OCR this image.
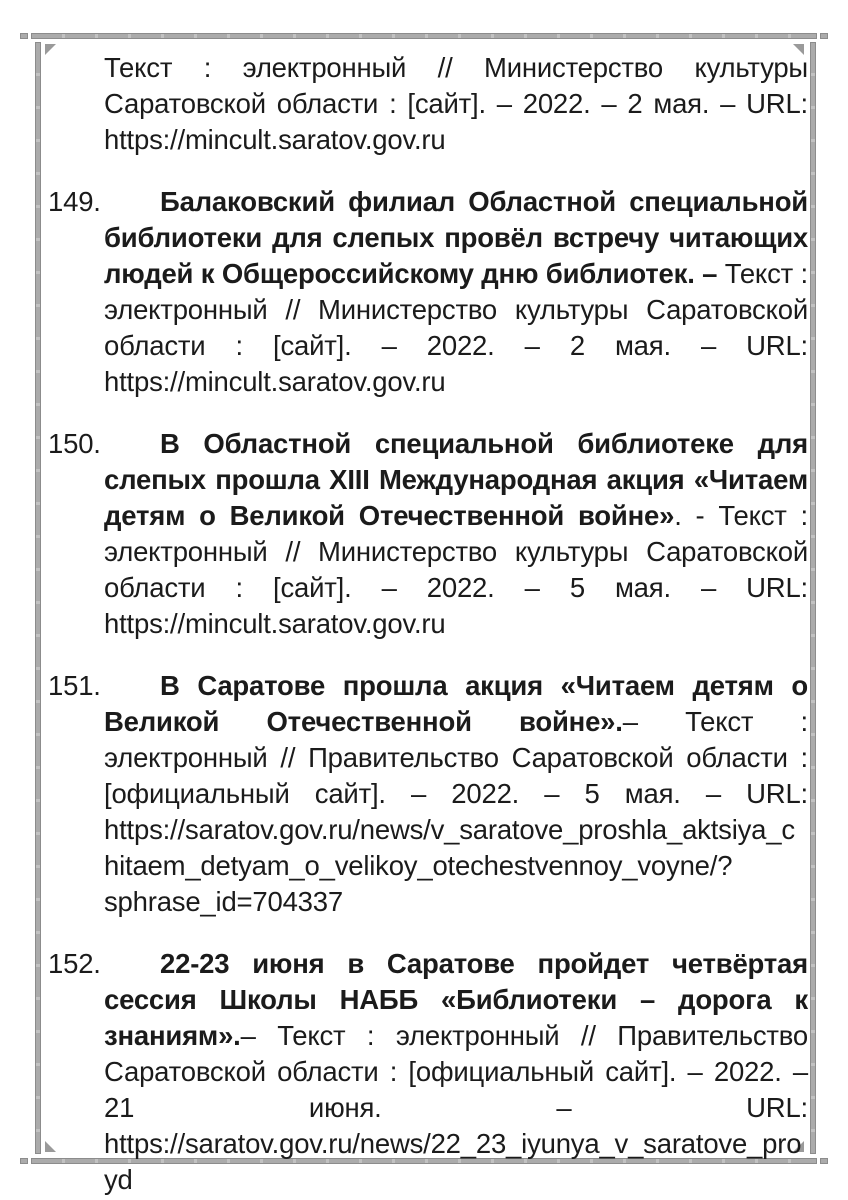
Текст : электронный // Министерство культуры Саратовской области : [сайт]. – 2022. – 2 мая. – URL: https://mincult.saratov.gov.ru

149. Балаковский филиал Областной специальной библиотеки для слепых провёл встречу читающих людей к Общероссийскому дню библиотек. – Текст : электронный // Министерство культуры Саратовской области : [сайт]. – 2022. – 2 мая. – URL: https://mincult.saratov.gov.ru

150. В Областной специальной библиотеке для слепых прошла XIII Международная акция «Читаем детям о Великой Отечественной войне». - Текст : электронный // Министерство культуры Саратовской области : [сайт]. – 2022. – 5 мая. – URL: https://mincult.saratov.gov.ru

151. В Саратове прошла акция «Читаем детям о Великой Отечественной войне».– Текст : электронный // Правительство Саратовской области : [официальный сайт]. – 2022. – 5 мая. – URL: https://saratov.gov.ru/news/v_saratove_proshla_aktsiya_chitaem_detyam_o_velikoy_otechestvennoy_voyne/?sphrase_id=704337

152. 22-23 июня в Саратове пройдет четвёртая сессия Школы НАББ «Библиотеки – дорога к знаниям».– Текст : электронный // Правительство Саратовской области : [официальный сайт]. – 2022. – 21 июня. – URL: https://saratov.gov.ru/news/22_23_iyunya_v_saratove_proyd
